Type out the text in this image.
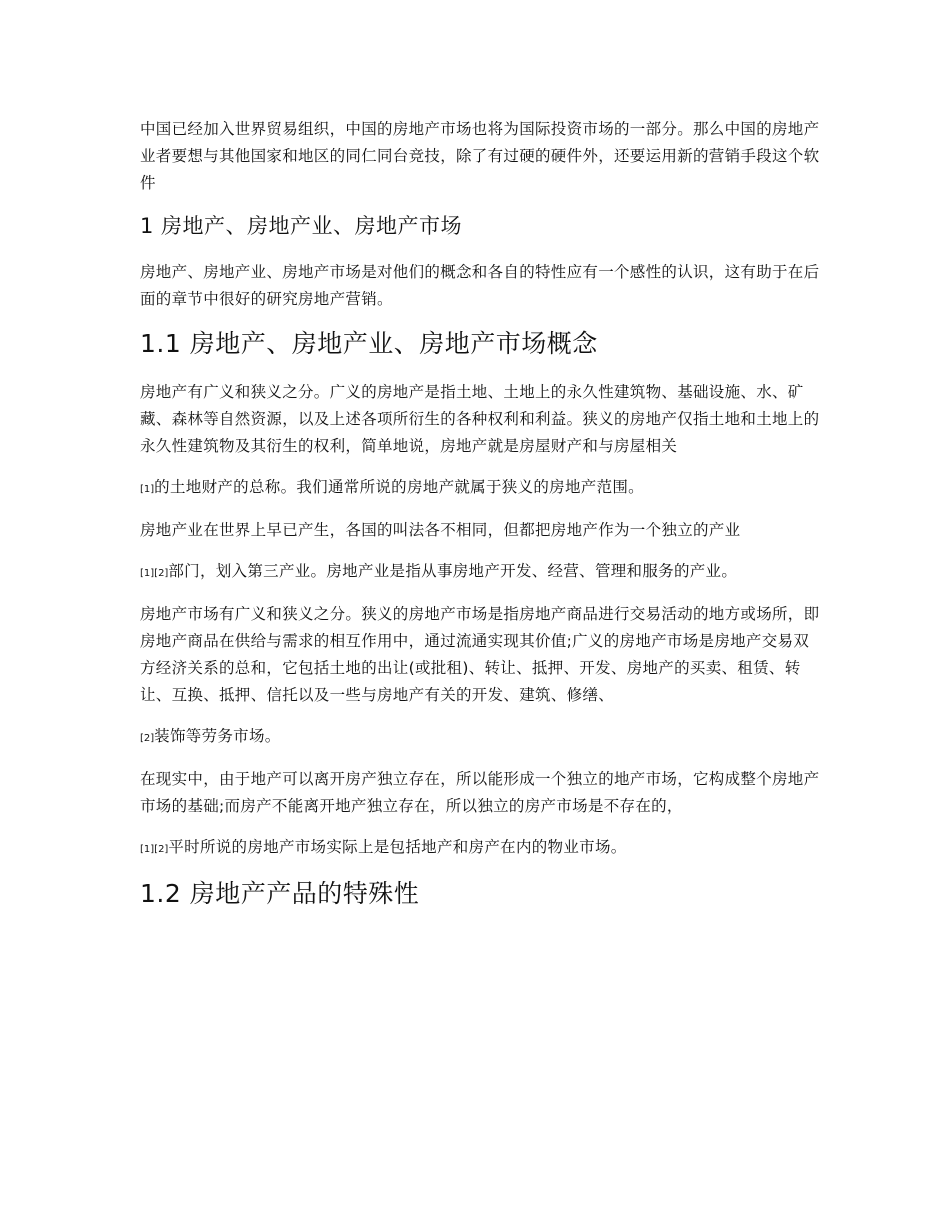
中国已经加入世界贸易组织，中国的房地产市场也将为国际投资市场的一部分。那么中国的房地产业者要想与其他国家和地区的同仁同台竞技，除了有过硬的硬件外，还要运用新的营销手段这个软件

1 房地产、房地产业、房地产市场

房地产、房地产业、房地产市场是对他们的概念和各自的特性应有一个感性的认识，这有助于在后面的章节中很好的研究房地产营销。

1.1 房地产、房地产业、房地产市场概念

房地产有广义和狭义之分。广义的房地产是指土地、土地上的永久性建筑物、基础设施、水、矿藏、森林等自然资源，以及上述各项所衍生的各种权利和利益。狭义的房地产仅指土地和土地上的永久性建筑物及其衍生的权利，简单地说，房地产就是房屋财产和与房屋相关

[1]的土地财产的总称。我们通常所说的房地产就属于狭义的房地产范围。

房地产业在世界上早已产生，各国的叫法各不相同，但都把房地产作为一个独立的产业

[1][2]部门，划入第三产业。房地产业是指从事房地产开发、经营、管理和服务的产业。

房地产市场有广义和狭义之分。狭义的房地产市场是指房地产商品进行交易活动的地方或场所，即房地产商品在供给与需求的相互作用中，通过流通实现其价值;广义的房地产市场是房地产交易双方经济关系的总和，它包括土地的出让(或批租)、转让、抵押、开发、房地产的买卖、租赁、转让、互换、抵押、信托以及一些与房地产有关的开发、建筑、修缮、

[2]装饰等劳务市场。

在现实中，由于地产可以离开房产独立存在，所以能形成一个独立的地产市场，它构成整个房地产市场的基础;而房产不能离开地产独立存在，所以独立的房产市场是不存在的，

[1][2]平时所说的房地产市场实际上是包括地产和房产在内的物业市场。

1.2 房地产产品的特殊性
